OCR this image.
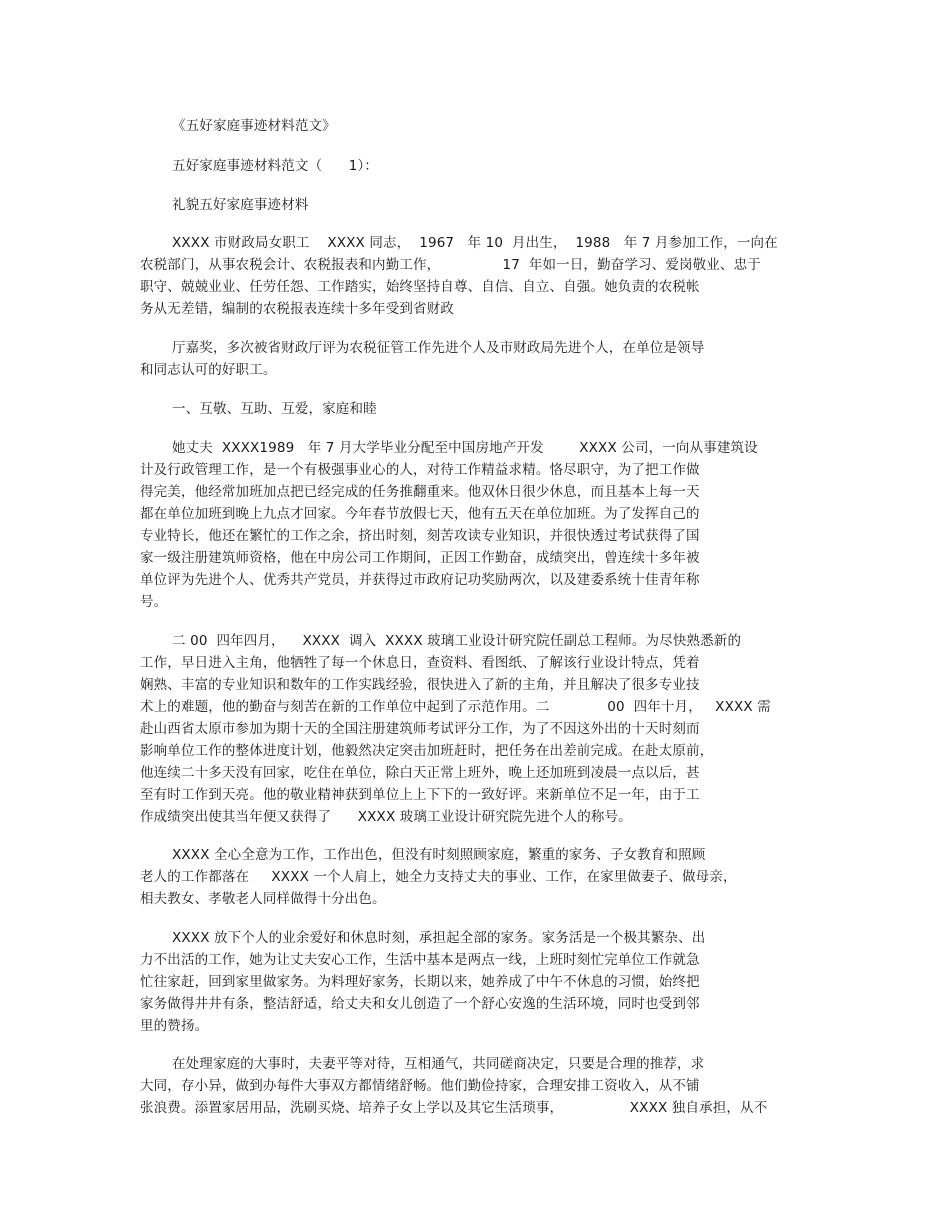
《五好家庭事迹材料范文》
五好家庭事迹材料范文（      1）：
礼貌五好家庭事迹材料
XXXX 市财政局女职工    XXXX 同志，  1967   年 10  月出生，  1988   年 7 月参加工作，一向在
农税部门，从事农税会计、农税报表和内勤工作，              17  年如一日，勤奋学习、爱岗敬业、忠于
职守、兢兢业业、任劳任怨、工作踏实，始终坚持自尊、自信、自立、自强。她负责的农税帐
务从无差错，编制的农税报表连续十多年受到省财政
厅嘉奖，多次被省财政厅评为农税征管工作先进个人及市财政局先进个人，在单位是领导
和同志认可的好职工。
一、互敬、互助、互爱，家庭和睦
她丈夫  XXXX1989   年 7 月大学毕业分配至中国房地产开发        XXXX 公司，一向从事建筑设
计及行政管理工作，是一个有极强事业心的人，对待工作精益求精。恪尽职守，为了把工作做
得完美，他经常加班加点把已经完成的任务推翻重来。他双休日很少休息，而且基本上每一天
都在单位加班到晚上九点才回家。今年春节放假七天，他有五天在单位加班。为了发挥自己的
专业特长，他还在繁忙的工作之余，挤出时刻，刻苦攻读专业知识，并很快透过考试获得了国
家一级注册建筑师资格，他在中房公司工作期间，正因工作勤奋，成绩突出，曾连续十多年被
单位评为先进个人、优秀共产党员，并获得过市政府记功奖励两次，以及建委系统十佳青年称
号。
二 00  四年四月，    XXXX  调入  XXXX 玻璃工业设计研究院任副总工程师。为尽快熟悉新的
工作，早日进入主角，他牺牲了每一个休息日，查资料、看图纸、了解该行业设计特点，凭着
娴熟、丰富的专业知识和数年的工作实践经验，很快进入了新的主角，并且解决了很多专业技
术上的难题，他的勤奋与刻苦在新的工作单位中起到了示范作用。二             00  四年十月，   XXXX 需
赴山西省太原市参加为期十天的全国注册建筑师考试评分工作，为了不因这外出的十天时刻而
影响单位工作的整体进度计划，他毅然决定突击加班赶时，把任务在出差前完成。在赴太原前，
他连续二十多天没有回家，吃住在单位，除白天正常上班外，晚上还加班到凌晨一点以后，甚
至有时工作到天亮。他的敬业精神获到单位上上下下的一致好评。来新单位不足一年，由于工
作成绩突出使其当年便又获得了      XXXX 玻璃工业设计研究院先进个人的称号。
XXXX 全心全意为工作，工作出色，但没有时刻照顾家庭，繁重的家务、子女教育和照顾
老人的工作都落在     XXXX 一个人肩上，她全力支持丈夫的事业、工作，在家里做妻子、做母亲，
相夫教女、孝敬老人同样做得十分出色。
XXXX 放下个人的业余爱好和休息时刻，承担起全部的家务。家务活是一个极其繁杂、出
力不出活的工作，她为让丈夫安心工作，生活中基本是两点一线，上班时刻忙完单位工作就急
忙往家赶，回到家里做家务。为料理好家务，长期以来，她养成了中午不休息的习惯，始终把
家务做得井井有条，整洁舒适，给丈夫和女儿创造了一个舒心安逸的生活环境，同时也受到邻
里的赞扬。
在处理家庭的大事时，夫妻平等对待，互相通气，共同磋商决定，只要是合理的推荐，求
大同，存小异，做到办每件大事双方都情绪舒畅。他们勤俭持家，合理安排工资收入，从不铺
张浪费。添置家居用品，洗刷买烧、培养子女上学以及其它生活琐事，               XXXX 独自承担，从不
